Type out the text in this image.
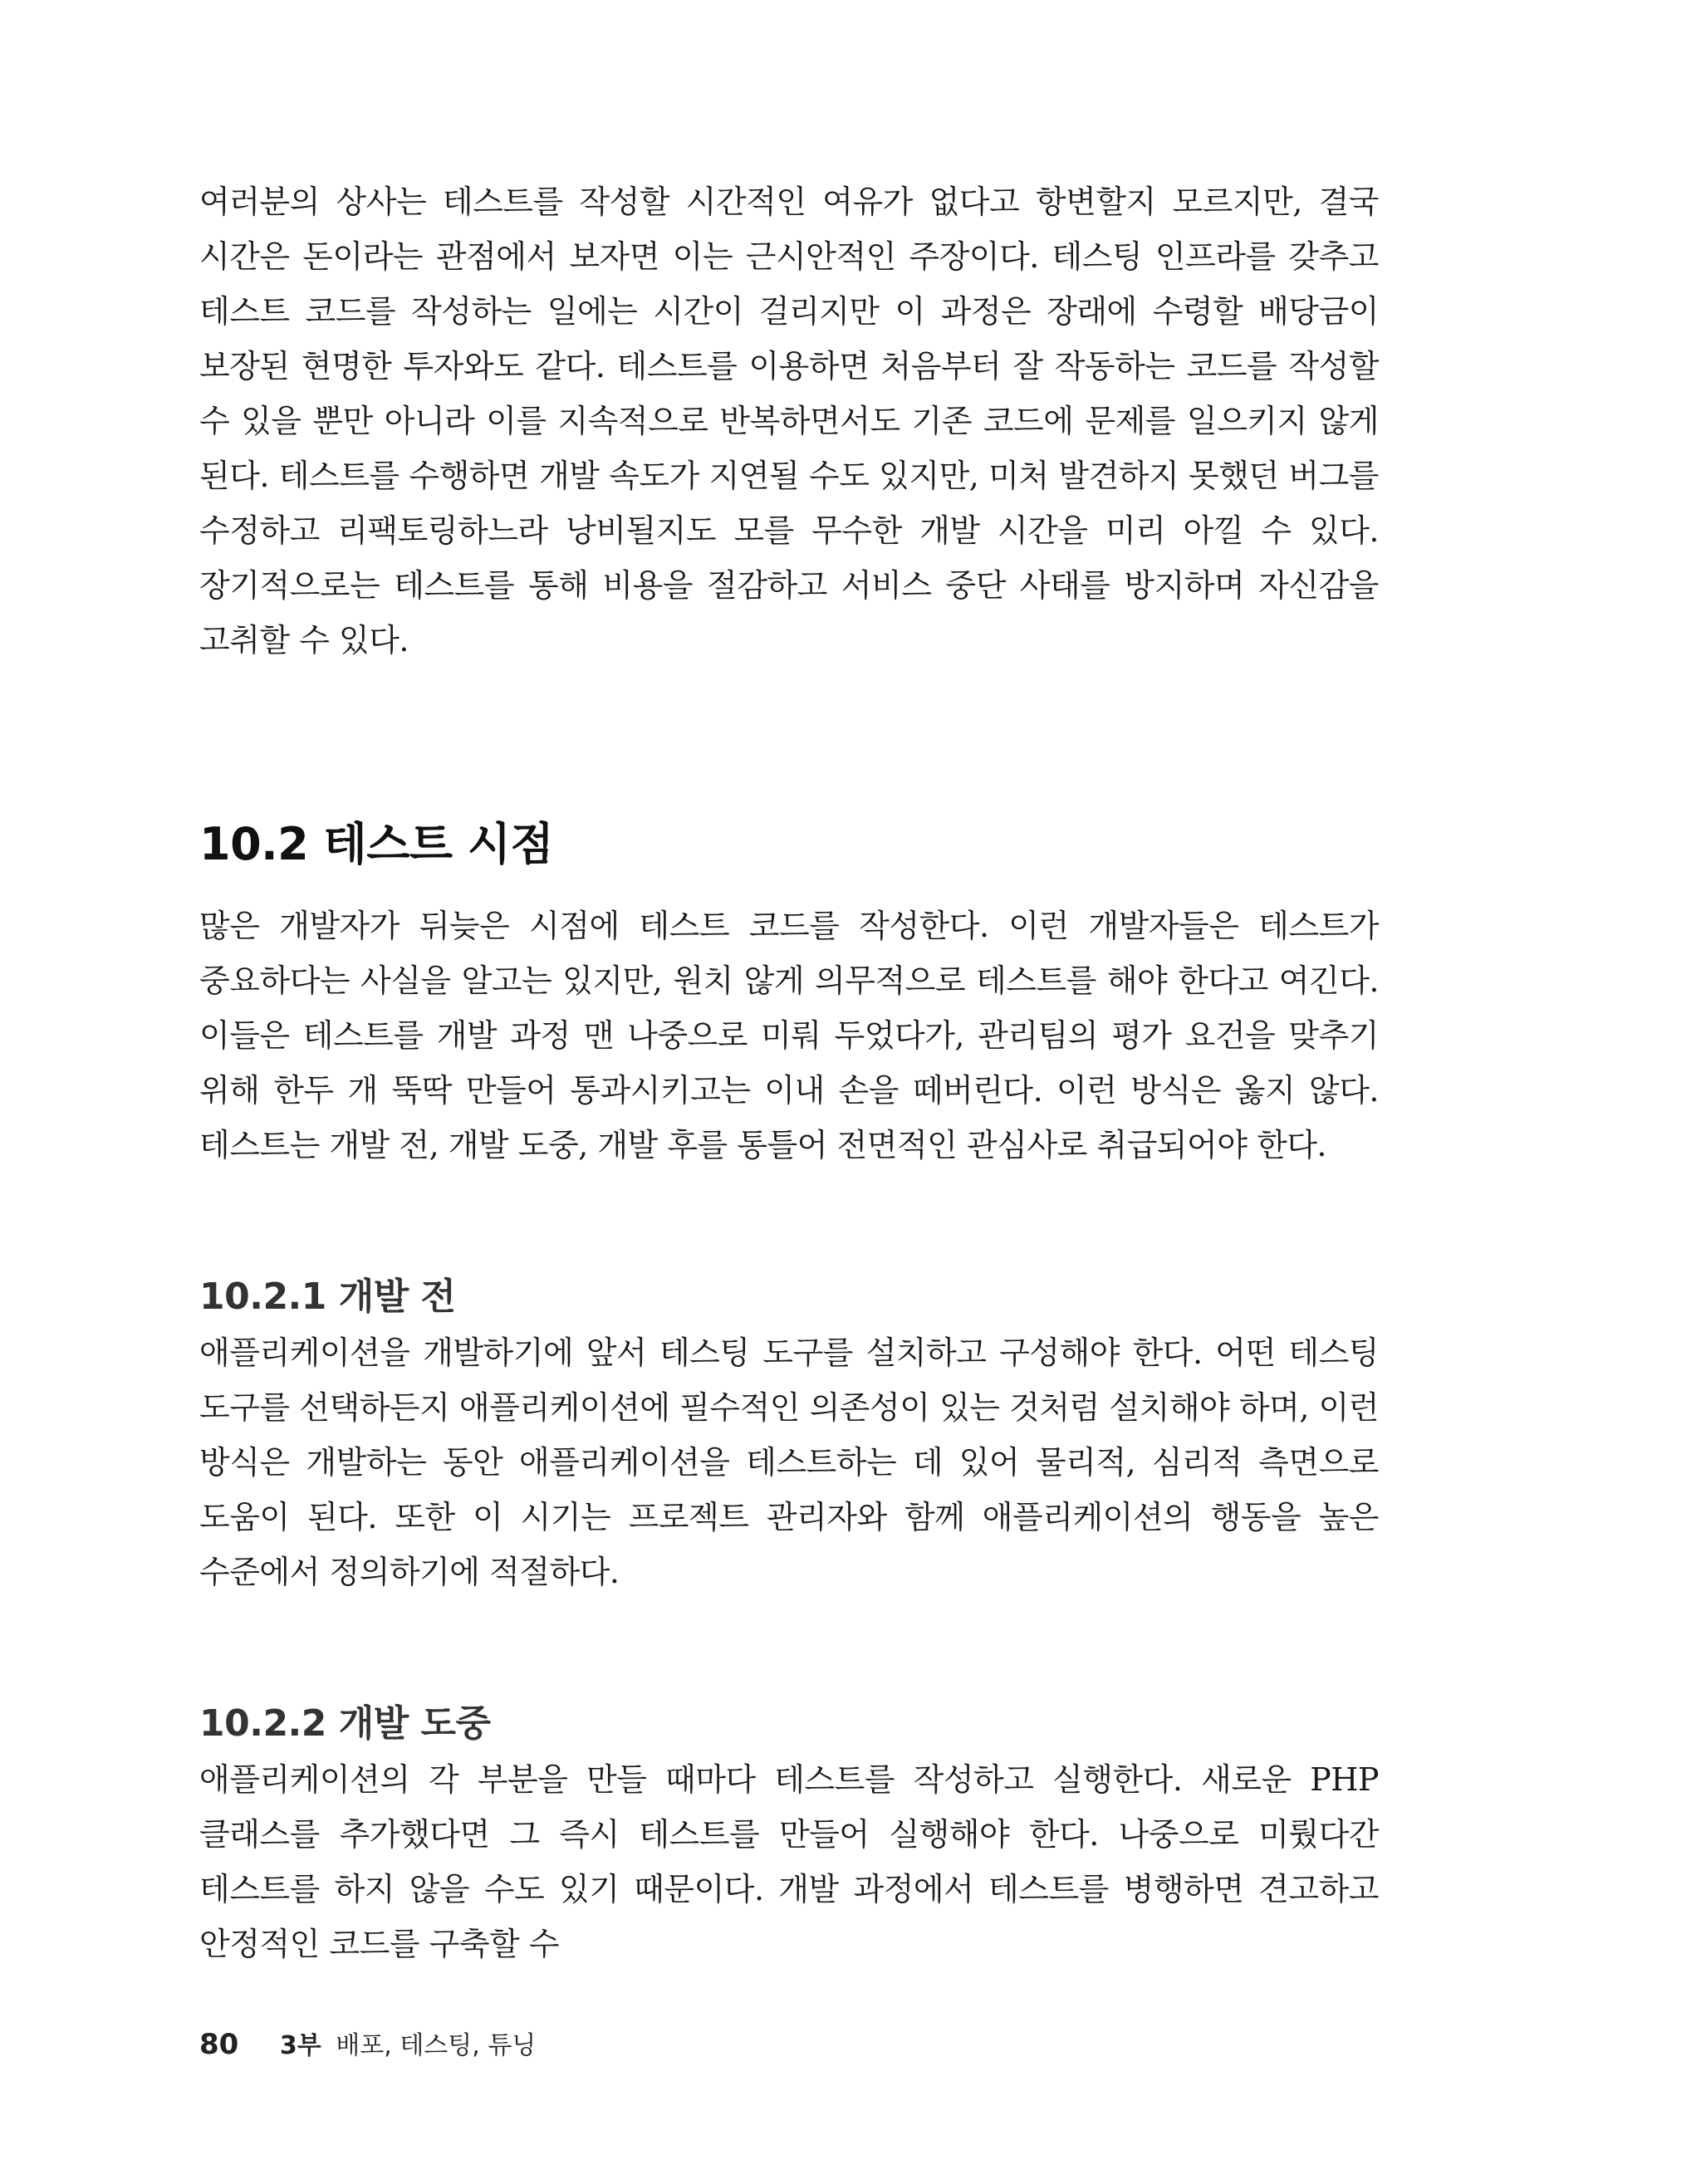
여러분의 상사는 테스트를 작성할 시간적인 여유가 없다고 항변할지 모르지만, 결국 시간은 돈이라는 관점에서 보자면 이는 근시안적인 주장이다. 테스팅 인프라를 갖추고 테스트 코드를 작성하는 일에는 시간이 걸리지만 이 과정은 장래에 수령할 배당금이 보장된 현명한 투자와도 같다. 테스트를 이용하면 처음부터 잘 작동하는 코드를 작성할 수 있을 뿐만 아니라 이를 지속적으로 반복하면서도 기존 코드에 문제를 일으키지 않게 된다. 테스트를 수행하면 개발 속도가 지연될 수도 있지만, 미처 발견하지 못했던 버그를 수정하고 리팩토링하느라 낭비될지도 모를 무수한 개발 시간을 미리 아낄 수 있다. 장기적으로는 테스트를 통해 비용을 절감하고 서비스 중단 사태를 방지하며 자신감을 고취할 수 있다.

10.2 테스트 시점

많은 개발자가 뒤늦은 시점에 테스트 코드를 작성한다. 이런 개발자들은 테스트가 중요하다는 사실을 알고는 있지만, 원치 않게 의무적으로 테스트를 해야 한다고 여긴다. 이들은 테스트를 개발 과정 맨 나중으로 미뤄 두었다가, 관리팀의 평가 요건을 맞추기 위해 한두 개 뚝딱 만들어 통과시키고는 이내 손을 떼버린다. 이런 방식은 옳지 않다. 테스트는 개발 전, 개발 도중, 개발 후를 통틀어 전면적인 관심사로 취급되어야 한다.

10.2.1 개발 전

애플리케이션을 개발하기에 앞서 테스팅 도구를 설치하고 구성해야 한다. 어떤 테스팅 도구를 선택하든지 애플리케이션에 필수적인 의존성이 있는 것처럼 설치해야 하며, 이런 방식은 개발하는 동안 애플리케이션을 테스트하는 데 있어 물리적, 심리적 측면으로 도움이 된다. 또한 이 시기는 프로젝트 관리자와 함께 애플리케이션의 행동을 높은 수준에서 정의하기에 적절하다.

10.2.2 개발 도중

애플리케이션의 각 부분을 만들 때마다 테스트를 작성하고 실행한다. 새로운 PHP 클래스를 추가했다면 그 즉시 테스트를 만들어 실행해야 한다. 나중으로 미뤘다간 테스트를 하지 않을 수도 있기 때문이다. 개발 과정에서 테스트를 병행하면 견고하고 안정적인 코드를 구축할 수

80 3부 배포, 테스팅, 튜닝
